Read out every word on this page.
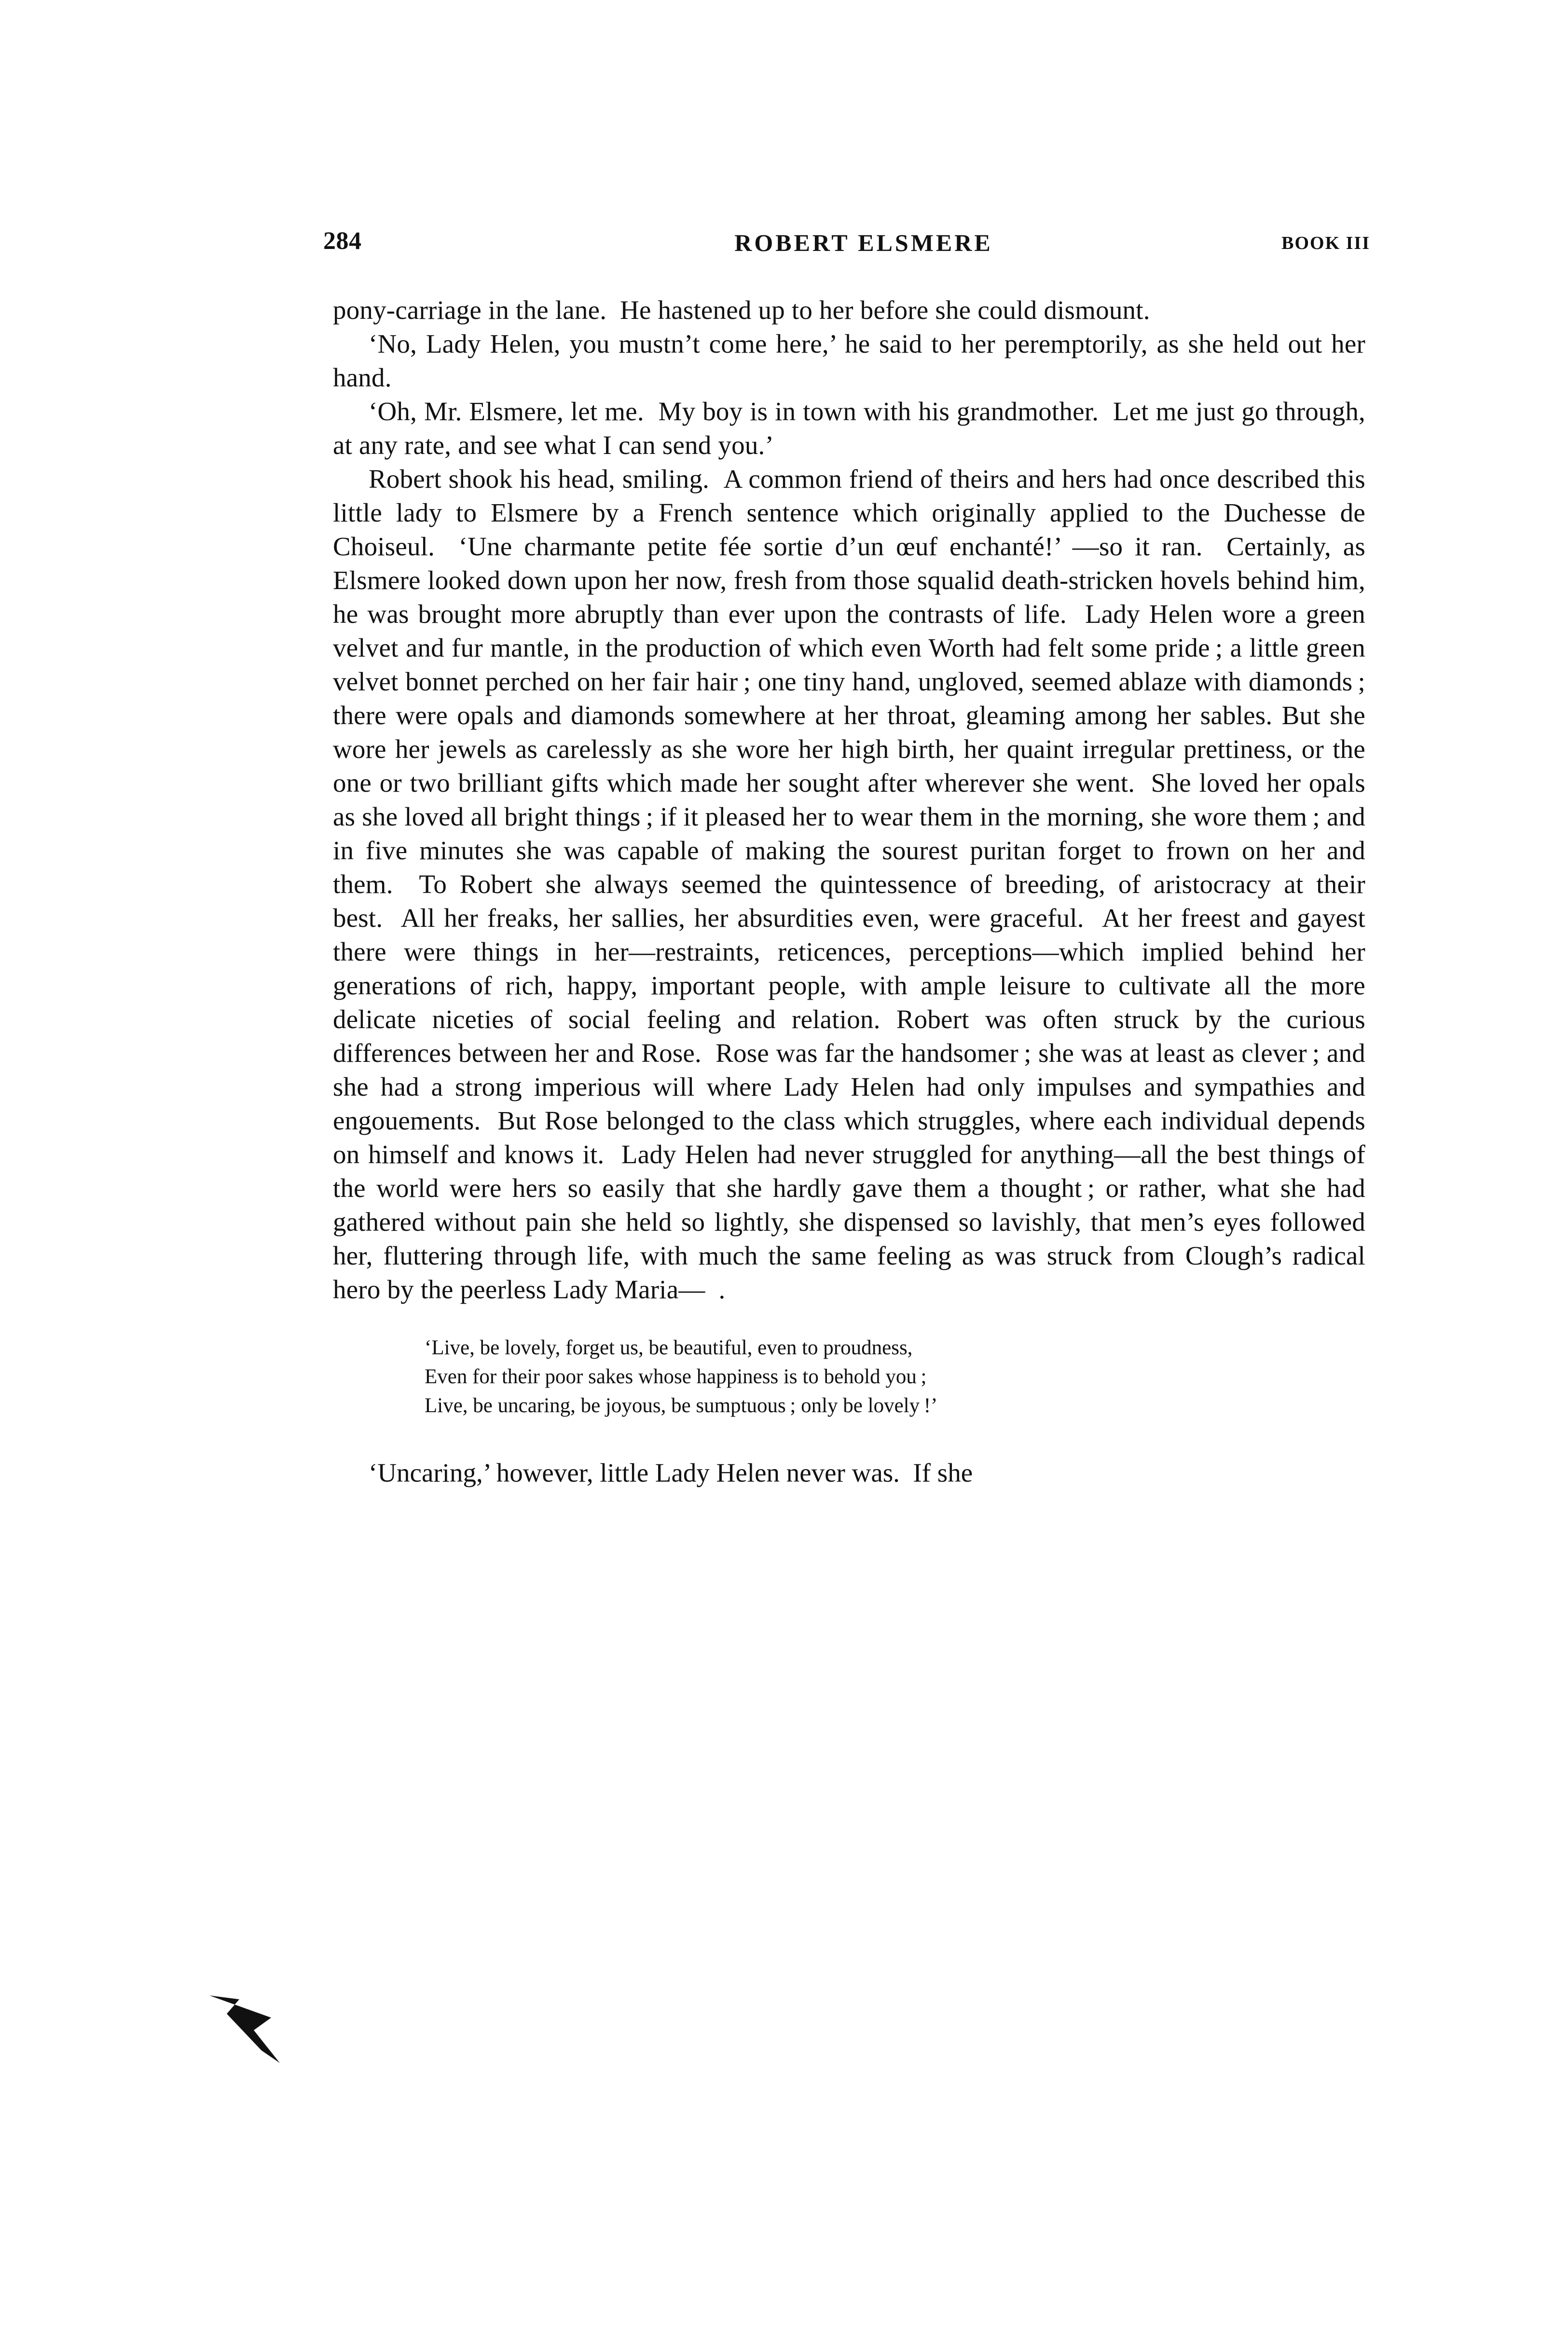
284	ROBERT ELSMERE	BOOK III

pony-carriage in the lane.  He hastened up to her before she could dismount.

‘No, Lady Helen, you mustn’t come here,’ he said to her peremptorily, as she held out her hand.

‘Oh, Mr. Elsmere, let me.  My boy is in town with his grandmother.  Let me just go through, at any rate, and see what I can send you.’

Robert shook his head, smiling.  A common friend of theirs and hers had once described this little lady to Elsmere by a French sentence which originally applied to the Duchesse de Choiseul.  ‘Une charmante petite fée sortie d’un œuf enchanté!’ —so it ran.  Certainly, as Elsmere looked down upon her now, fresh from those squalid death-stricken hovels behind him, he was brought more abruptly than ever upon the contrasts of life.  Lady Helen wore a green velvet and fur mantle, in the production of which even Worth had felt some pride ; a little green velvet bonnet perched on her fair hair ; one tiny hand, ungloved, seemed ablaze with diamonds ; there were opals and diamonds somewhere at her throat, gleaming among her sables. But she wore her jewels as carelessly as she wore her high birth, her quaint irregular prettiness, or the one or two brilliant gifts which made her sought after wherever she went.  She loved her opals as she loved all bright things ; if it pleased her to wear them in the morning, she wore them ; and in five minutes she was capable of making the sourest puritan forget to frown on her and them.  To Robert she always seemed the quintessence of breeding, of aristocracy at their best.  All her freaks, her sallies, her absurdities even, were graceful.  At her freest and gayest there were things in her—restraints, reticences, perceptions—which implied behind her generations of rich, happy, important people, with ample leisure to cultivate all the more delicate niceties of social feeling and relation. Robert was often struck by the curious differences between her and Rose.  Rose was far the handsomer ; she was at least as clever ; and she had a strong imperious will where Lady Helen had only impulses and sympathies and engouements.  But Rose belonged to the class which struggles, where each individual depends on himself and knows it.  Lady Helen had never struggled for anything—all the best things of the world were hers so easily that she hardly gave them a thought ; or rather, what she had gathered without pain she held so lightly, she dispensed so lavishly, that men’s eyes followed her, fluttering through life, with much the same feeling as was struck from Clough’s radical hero by the peerless Lady Maria—  .

‘Live, be lovely, forget us, be beautiful, even to proudness,
Even for their poor sakes whose happiness is to behold you ;
Live, be uncaring, be joyous, be sumptuous ; only be lovely !’

‘Uncaring,’ however, little Lady Helen never was.  If she
